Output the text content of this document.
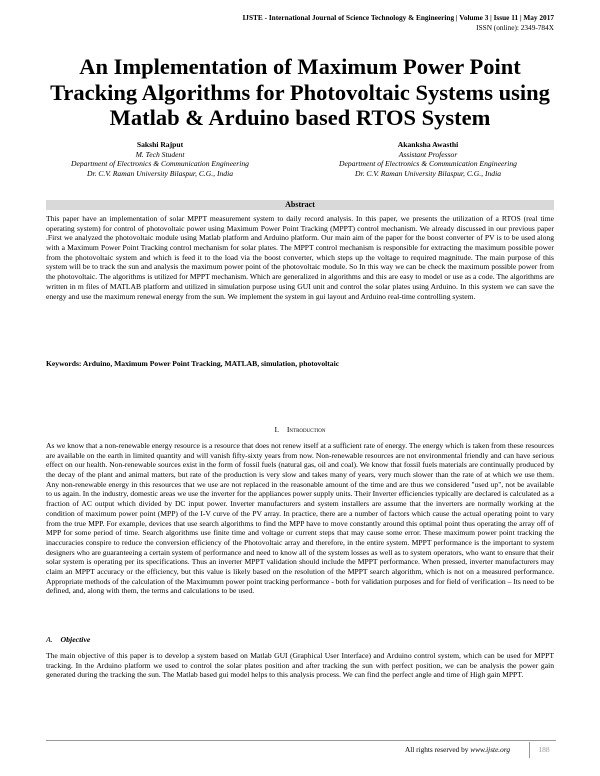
IJSTE - International Journal of Science Technology & Engineering | Volume 3 | Issue 11 | May 2017
ISSN (online): 2349-784X
An Implementation of Maximum Power Point Tracking Algorithms for Photovoltaic Systems using Matlab & Arduino based RTOS System
Sakshi Rajput
M. Tech Student
Department of Electronics & Communication Engineering
Dr. C.V. Raman University Bilaspur, C.G., India
Akanksha Awasthi
Assistant Professor
Department of Electronics & Communication Engineering
Dr. C.V. Raman University Bilaspur, C.G., India
Abstract

This paper have an implementation of solar MPPT measurement system to daily record analysis. In this paper, we presents the utilization of a RTOS (real time operating system) for control of photovoltaic power using Maximum Power Point Tracking (MPPT) control mechanism. We already discussed in our previous paper .First we analyzed the photovoltaic module using Matlab platform and Arduino platform. Our main aim of the paper for the boost converter of PV is to be used along with a Maximum Power Point Tracking control mechanism for solar plates. The MPPT control mechanism is responsible for extracting the maximum possible power from the photovoltaic system and which is feed it to the load via the boost converter, which steps up the voltage to required magnitude. The main purpose of this system will be to track the sun and analysis the maximum power point of the photovoltaic module. So In this way we can be check the maximum possible power from the photovoltaic. The algorithms is utilized for MPPT mechanism. Which are generalized in algorithms and this are easy to model or use as a code. The algorithms are written in m files of MATLAB platform and utilized in simulation purpose using GUI unit and control the solar plates using Arduino. In this system we can save the energy and use the maximum renewal energy from the sun. We implement the system in gui layout and Arduino real-time controlling system.

Keywords: Arduino, Maximum Power Point Tracking, MATLAB, simulation, photovoltaic
I. Introduction

As we know that a non-renewable energy resource is a resource that does not renew itself at a sufficient rate of energy. The energy which is taken from these resources are available on the earth in limited quantity and will vanish fifty-sixty years from now. Non-renewable resources are not environmental friendly and can have serious effect on our health. Non-renewable sources exist in the form of fossil fuels (natural gas, oil and coal). We know that fossil fuels materials are continually produced by the decay of the plant and animal matters, but rate of the production is very slow and takes many of years, very much slower than the rate of at which we use them. Any non-renewable energy in this resources that we use are not replaced in the reasonable amount of the time and are thus we considered "used up", not be available to us again. In the industry, domestic areas we use the inverter for the appliances power supply units. Their Inverter efficiencies typically are declared is calculated as a fraction of AC output which divided by DC input power. Inverter manufacturers and system installers are assume that the inverters are normally working at the condition of maximum power point (MPP) of the I-V curve of the PV array. In practice, there are a number of factors which cause the actual operating point to vary from the true MPP. For example, devices that use search algorithms to find the MPP have to move constantly around this optimal point thus operating the array off of MPP for some period of time. Search algorithms use finite time and voltage or current steps that may cause some error. These maximum power point tracking the inaccuracies conspire to reduce the conversion efficiency of the Photovoltaic array and therefore, in the entire system. MPPT performance is the important to system designers who are guaranteeing a certain system of performance and need to know all of the system losses as well as to system operators, who want to ensure that their solar system is operating per its specifications. Thus an inverter MPPT validation should include the MPPT performance. When pressed, inverter manufacturers may claim an MPPT accuracy or the efficiency, but this value is likely based on the resolution of the MPPT search algorithm, which is not on a measured performance. Appropriate methods of the calculation of the Maximumm power point tracking performance - both for validation purposes and for field of verification – Its need to be defined, and, along with them, the terms and calculations to be used.

A. Objective

The main objective of this paper is to develop a system based on Matlab GUI (Graphical User Interface) and Arduino control system, which can be used for MPPT tracking. In the Arduino platform we used to control the solar plates position and after tracking the sun with perfect position, we can be analysis the power gain generated during the tracking the sun. The Matlab based gui model helps to this analysis process. We can find the perfect angle and time of High gain MPPT.

All rights reserved by www.ijste.org	188
